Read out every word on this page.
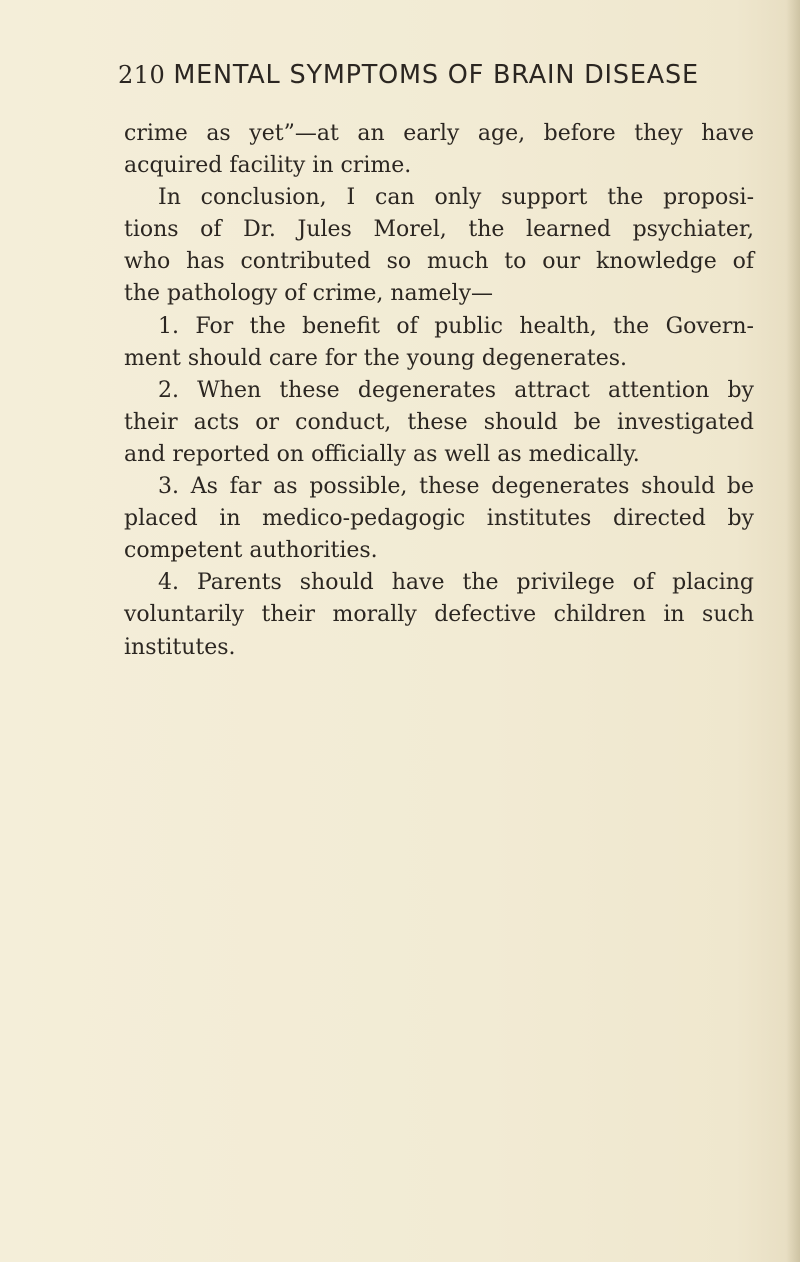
210 MENTAL SYMPTOMS OF BRAIN DISEASE
crime as yet”—at an early age, before they have
acquired facility in crime.
In conclusion, I can only support the proposi-
tions of Dr. Jules Morel, the learned psychiater,
who has contributed so much to our knowledge of
the pathology of crime, namely—
1. For the benefit of public health, the Govern-
ment should care for the young degenerates.
2. When these degenerates attract attention by
their acts or conduct, these should be investigated
and reported on officially as well as medically.
3. As far as possible, these degenerates should be
placed in medico-pedagogic institutes directed by
competent authorities.
4. Parents should have the privilege of placing
voluntarily their morally defective children in such
institutes.
